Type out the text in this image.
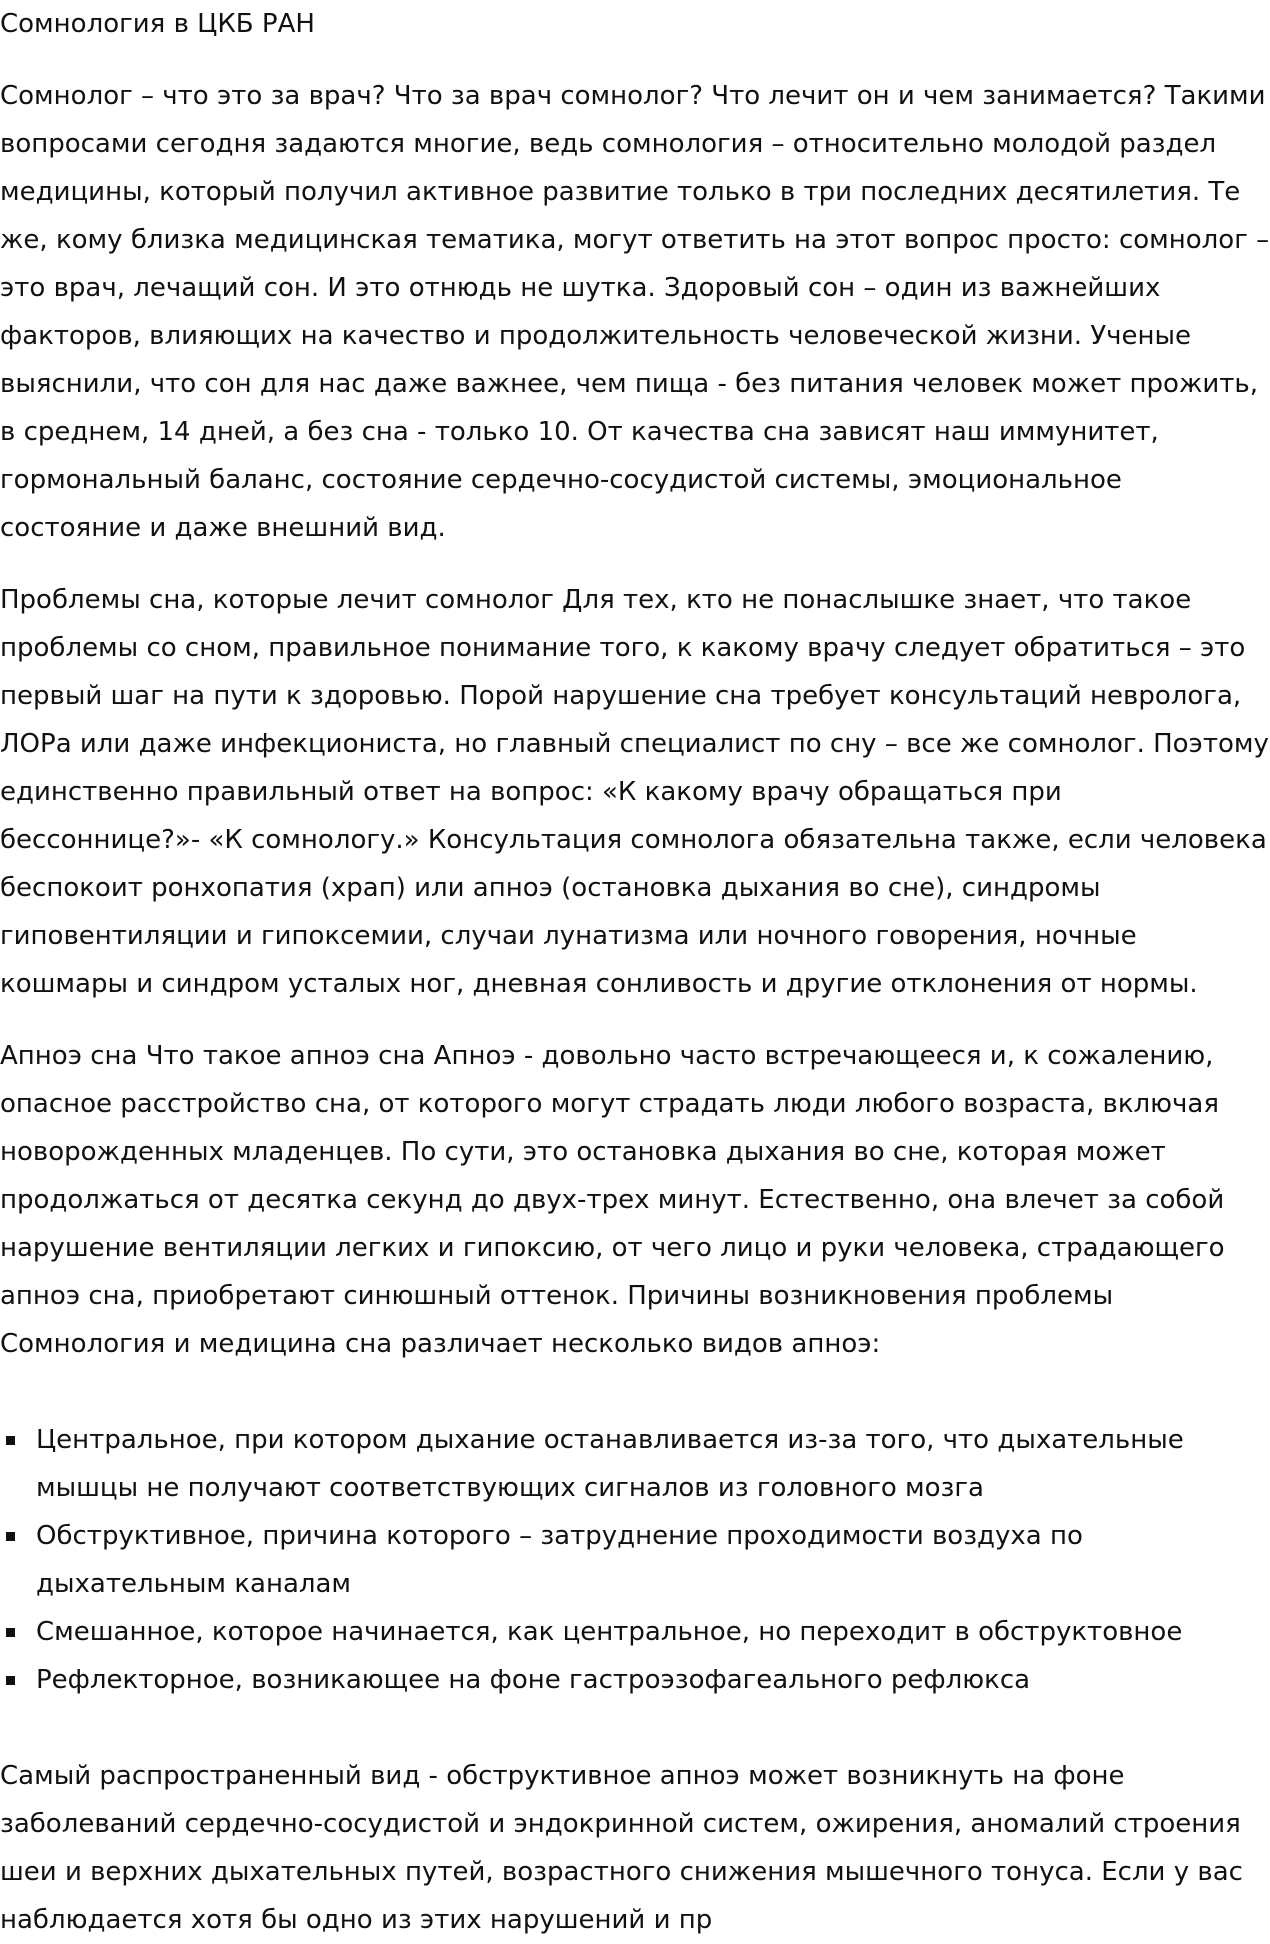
Сомнология в ЦКБ РАН

Сомнолог – что это за врач? Что за врач сомнолог? Что лечит он и чем занимается? Такими вопросами сегодня задаются многие, ведь сомнология – относительно молодой раздел медицины, который получил активное развитие только в три последних десятилетия. Те же, кому близка медицинская тематика, могут ответить на этот вопрос просто: сомнолог – это врач, лечащий сон. И это отнюдь не шутка. Здоровый сон – один из важнейших факторов, влияющих на качество и продолжительность человеческой жизни. Ученые выяснили, что сон для нас даже важнее, чем пища - без питания человек может прожить, в среднем, 14 дней, а без сна - только 10. От качества сна зависят наш иммунитет, гормональный баланс, состояние сердечно-сосудистой системы, эмоциональное состояние и даже внешний вид.

Проблемы сна, которые лечит сомнолог Для тех, кто не понаслышке знает, что такое проблемы со сном, правильное понимание того, к какому врачу следует обратиться – это первый шаг на пути к здоровью. Порой нарушение сна требует консультаций невролога, ЛОРа или даже инфекциониста, но главный специалист по сну – все же сомнолог. Поэтому единственно правильный ответ на вопрос: «К какому врачу обращаться при бессоннице?»- «К сомнологу.» Консультация сомнолога обязательна также, если человека беспокоит ронхопатия (храп) или апноэ (остановка дыхания во сне), синдромы гиповентиляции и гипоксемии, случаи лунатизма или ночного говорения, ночные кошмары и синдром усталых ног, дневная сонливость и другие отклонения от нормы.

Апноэ сна Что такое апноэ сна Апноэ - довольно часто встречающееся и, к сожалению, опасное расстройство сна, от которого могут страдать люди любого возраста, включая новорожденных младенцев. По сути, это остановка дыхания во сне, которая может продолжаться от десятка секунд до двух-трех минут. Естественно, она влечет за собой нарушение вентиляции легких и гипоксию, от чего лицо и руки человека, страдающего апноэ сна, приобретают синюшный оттенок. Причины возникновения проблемы Сомнология и медицина сна различает несколько видов апноэ:

Центральное, при котором дыхание останавливается из-за того, что дыхательные мышцы не получают соответствующих сигналов из головного мозга
Обструктивное, причина которого – затруднение проходимости воздуха по дыхательным каналам
Смешанное, которое начинается, как центральное, но переходит в обструктовное
Рефлекторное, возникающее на фоне гастроэзофагеального рефлюкса

Самый распространенный вид - обструктивное апноэ может возникнуть на фоне заболеваний сердечно-сосудистой и эндокринной систем, ожирения, аномалий строения шеи и верхних дыхательных путей, возрастного снижения мышечного тонуса. Если у вас наблюдается хотя бы одно из этих нарушений и пр
